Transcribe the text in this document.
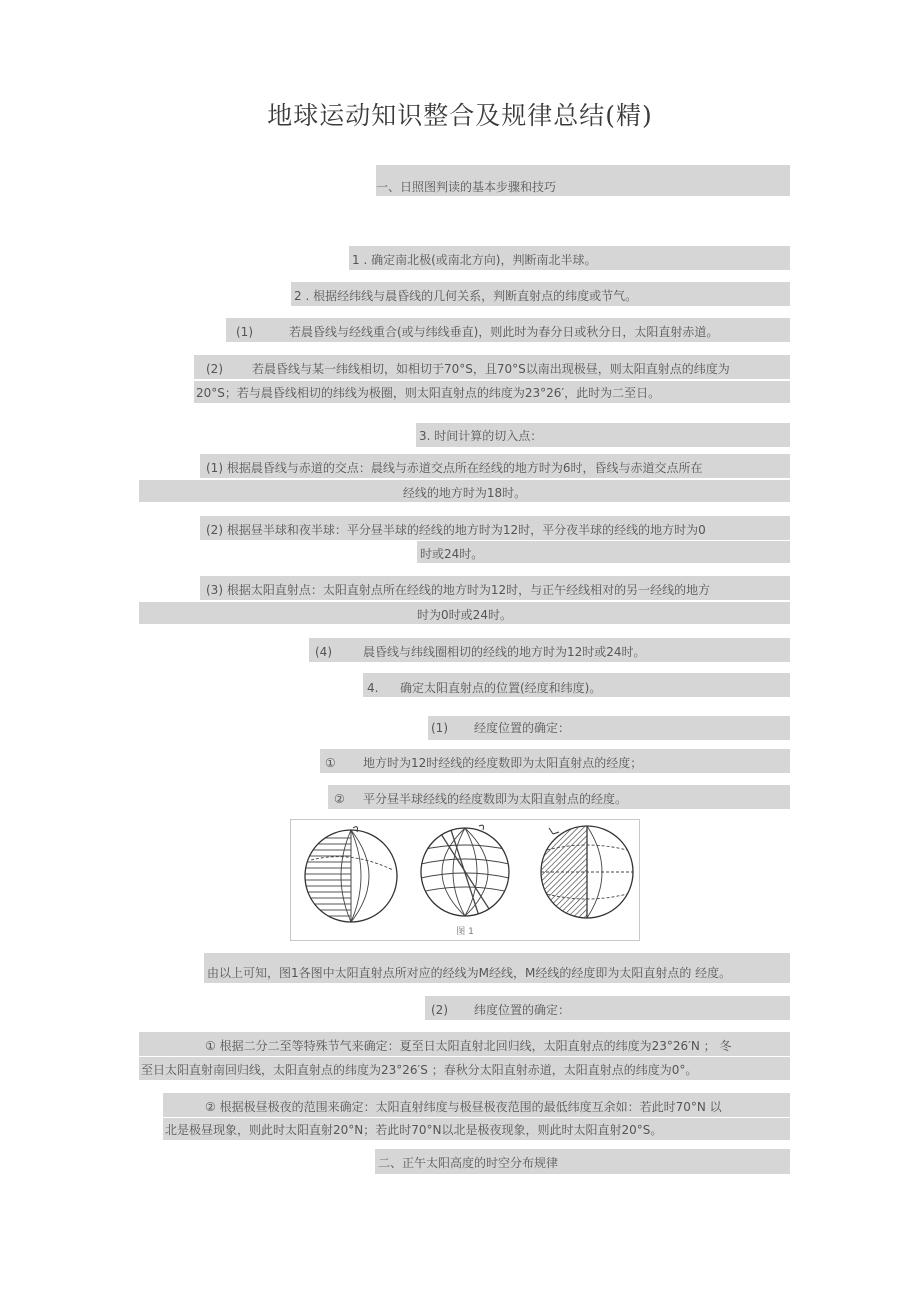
地球运动知识整合及规律总结(精)
一、日照图判读的基本步骤和技巧
1 . 确定南北极(或南北方向)，判断南北半球。
2 . 根据经纬线与晨昏线的几何关系，判断直射点的纬度或节气。
(1)	若晨昏线与经线重合(或与纬线垂直)，则此时为春分日或秋分日，太阳直射赤道。
(2) 若晨昏线与某一纬线相切，如相切于70°S，且70°S以南出现极昼，则太阳直射点的纬度为
20°S；若与晨昏线相切的纬线为极圈，则太阳直射点的纬度为23°26′，此时为二至日。
3. 时间计算的切入点：
(1) 根据晨昏线与赤道的交点：晨线与赤道交点所在经线的地方时为6时，昏线与赤道交点所在
经线的地方时为18时。
(2) 根据昼半球和夜半球：平分昼半球的经线的地方时为12时，平分夜半球的经线的地方时为0
时或24时。
(3) 根据太阳直射点：太阳直射点所在经线的地方时为12时，与正午经线相对的另一经线的地方
时为0时或24时。
(4)	晨昏线与纬线圈相切的经线的地方时为12时或24时。
4. 确定太阳直射点的位置(经度和纬度)。
(1) 经度位置的确定：
① 地方时为12时经线的经度数即为太阳直射点的经度；
② 平分昼半球经线的经度数即为太阳直射点的经度。
图 1
由以上可知，图1各图中太阳直射点所对应的经线为M经线，M经线的经度即为太阳直射点的 经度。
(2) 纬度位置的确定：
① 根据二分二至等特殊节气来确定：夏至日太阳直射北回归线，太阳直射点的纬度为23°26′N ； 冬
至日太阳直射南回归线，太阳直射点的纬度为23°26′S ；春秋分太阳直射赤道，太阳直射点的纬度为0°。
② 根据极昼极夜的范围来确定：太阳直射纬度与极昼极夜范围的最低纬度互余如：若此时70°N 以
北是极昼现象，则此时太阳直射20°N；若此时70°N以北是极夜现象，则此时太阳直射20°S。
二、正午太阳高度的时空分布规律
